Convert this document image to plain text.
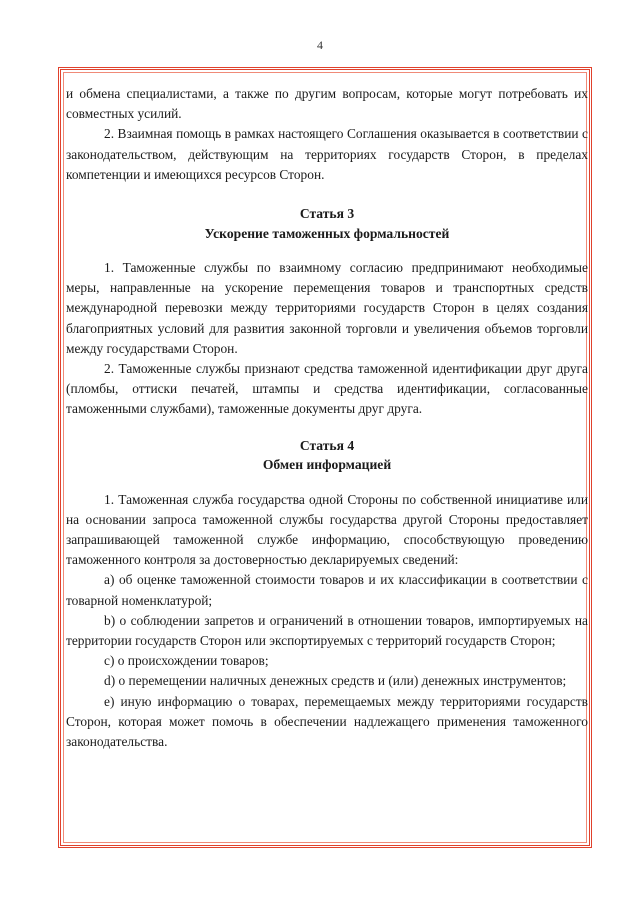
4

и обмена специалистами, а также по другим вопросам, которые могут потребовать их совместных усилий.

2. Взаимная помощь в рамках настоящего Соглашения оказывается в соответствии с законодательством, действующим на территориях государств Сторон, в пределах компетенции и имеющихся ресурсов Сторон.

Статья 3
Ускорение таможенных формальностей

1. Таможенные службы по взаимному согласию предпринимают необходимые меры, направленные на ускорение перемещения товаров и транспортных средств международной перевозки между территориями государств Сторон в целях создания благоприятных условий для развития законной торговли и увеличения объемов торговли между государствами Сторон.

2. Таможенные службы признают средства таможенной идентификации друг друга (пломбы, оттиски печатей, штампы и средства идентификации, согласованные таможенными службами), таможенные документы друг друга.

Статья 4
Обмен информацией

1. Таможенная служба государства одной Стороны по собственной инициативе или на основании запроса таможенной службы государства другой Стороны предоставляет запрашивающей таможенной службе информацию, способствующую проведению таможенного контроля за достоверностью декларируемых сведений:

а) об оценке таможенной стоимости товаров и их классификации в соответствии с товарной номенклатурой;

b) о соблюдении запретов и ограничений в отношении товаров, импортируемых на территории государств Сторон или экспортируемых с территорий государств Сторон;

с) о происхождении товаров;

d) о перемещении наличных денежных средств и (или) денежных инструментов;

е) иную информацию о товарах, перемещаемых между территориями государств Сторон, которая может помочь в обеспечении надлежащего применения таможенного законодательства.
